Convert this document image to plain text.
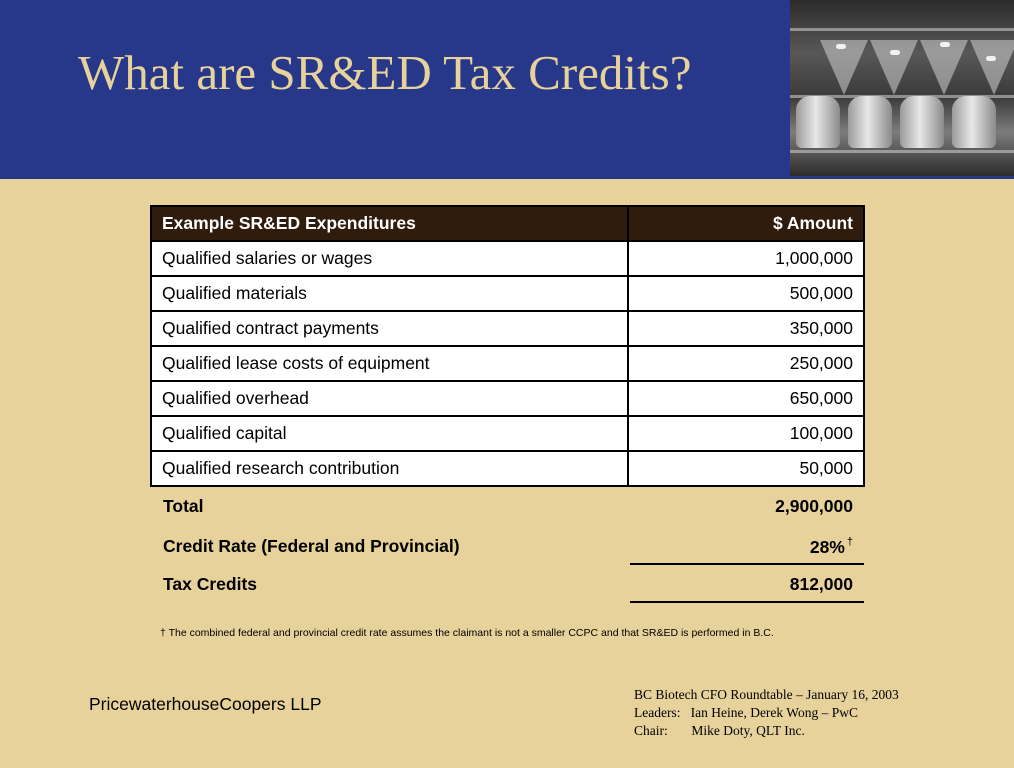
What are SR&ED Tax Credits?
Example SR&ED Expenditures	$ Amount
Qualified salaries or wages	1,000,000
Qualified materials	500,000
Qualified contract payments	350,000
Qualified lease costs of equipment	250,000
Qualified overhead	650,000
Qualified capital	100,000
Qualified research contribution	50,000
Total	2,900,000
Credit Rate (Federal and Provincial)	28% †
Tax Credits	812,000
† The combined federal and provincial credit rate assumes the claimant is not a smaller CCPC and that SR&ED is performed in B.C.
PricewaterhouseCoopers LLP	BC Biotech CFO Roundtable – January 16, 2003
Leaders:   Ian Heine, Derek Wong – PwC
Chair:       Mike Doty, QLT Inc.
